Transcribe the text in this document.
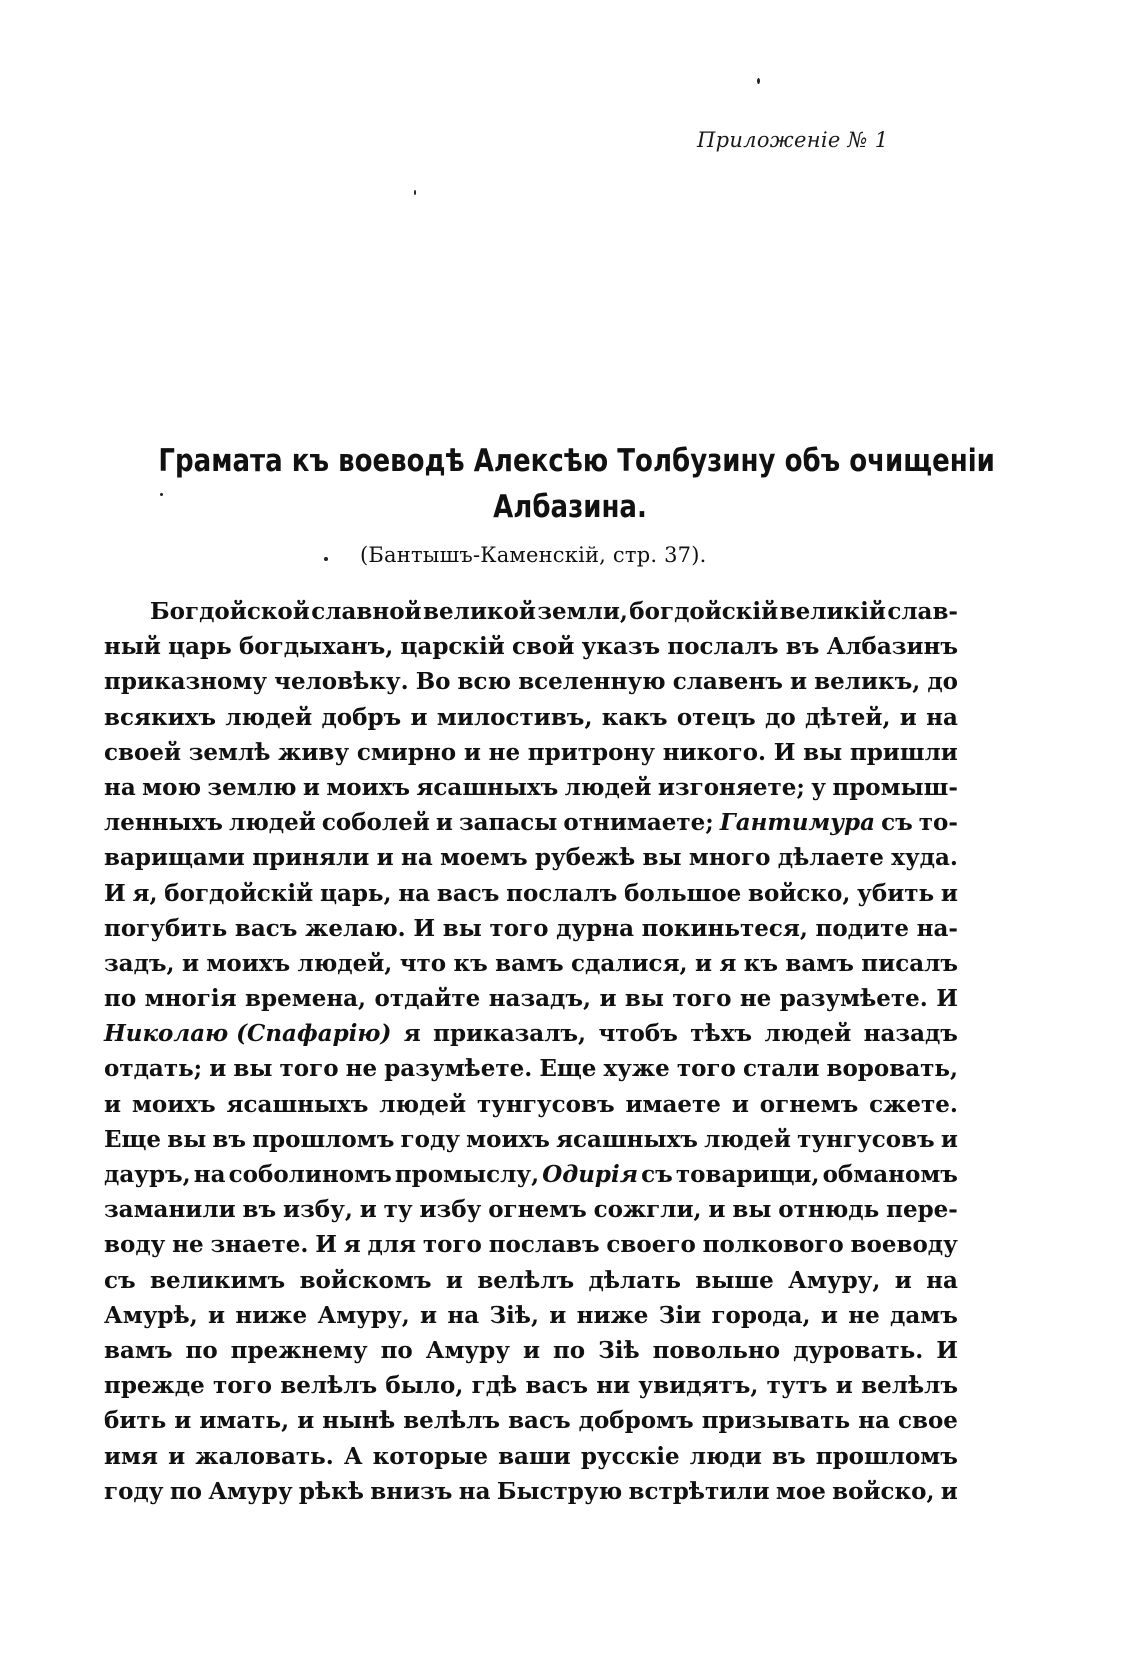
Приложенiе № 1
Грамата къ воеводѣ Алексѣю Толбузину объ очищенiи
Албазина.
(Бантышъ-Каменскiй, стр. 37).
Богдойской славной великой земли, богдойскiй великiй слав-
ный царь богдыханъ, царскiй свой указъ послалъ въ Албазинъ
приказному человѣку. Во всю вселенную славенъ и великъ, до
всякихъ людей добръ и милостивъ, какъ отецъ до дѣтей, и на
своей землѣ живу смирно и не притрону никого. И вы пришли
на мою землю и моихъ ясашныхъ людей изгоняете; у промыш-
ленныхъ людей соболей и запасы отнимаете; Гантимура съ то-
варищами приняли и на моемъ рубежѣ вы много дѣлаете худа.
И я, богдойскiй царь, на васъ послалъ большое войско, убить и
погубить васъ желаю. И вы того дурна покиньтеся, подите на-
задъ, и моихъ людей, что къ вамъ сдалися, и я къ вамъ писалъ
по многiя времена, отдайте назадъ, и вы того не разумѣете. И
Николаю (Спафарiю) я приказалъ, чтобъ тѣхъ людей назадъ
отдать; и вы того не разумѣете. Еще хуже того стали воровать,
и моихъ ясашныхъ людей тунгусовъ имаете и огнемъ сжете.
Еще вы въ прошломъ году моихъ ясашныхъ людей тунгусовъ и
дауръ, на соболиномъ промыслу, Одирiя съ товарищи, обманомъ
заманили въ избу, и ту избу огнемъ сожгли, и вы отнюдь пере-
воду не знаете. И я для того пославъ своего полкового воеводу
съ великимъ войскомъ и велѣлъ дѣлать выше Амуру, и на
Амурѣ, и ниже Амуру, и на Зiѣ, и ниже Зiи города, и не дамъ
вамъ по прежнему по Амуру и по Зiѣ повольно дуровать. И
прежде того велѣлъ было, гдѣ васъ ни увидятъ, тутъ и велѣлъ
бить и имать, и нынѣ велѣлъ васъ добромъ призывать на свое
имя и жаловать. А которые ваши русскiе люди въ прошломъ
году по Амуру рѣкѣ внизъ на Быструю встрѣтили мое войско, и
